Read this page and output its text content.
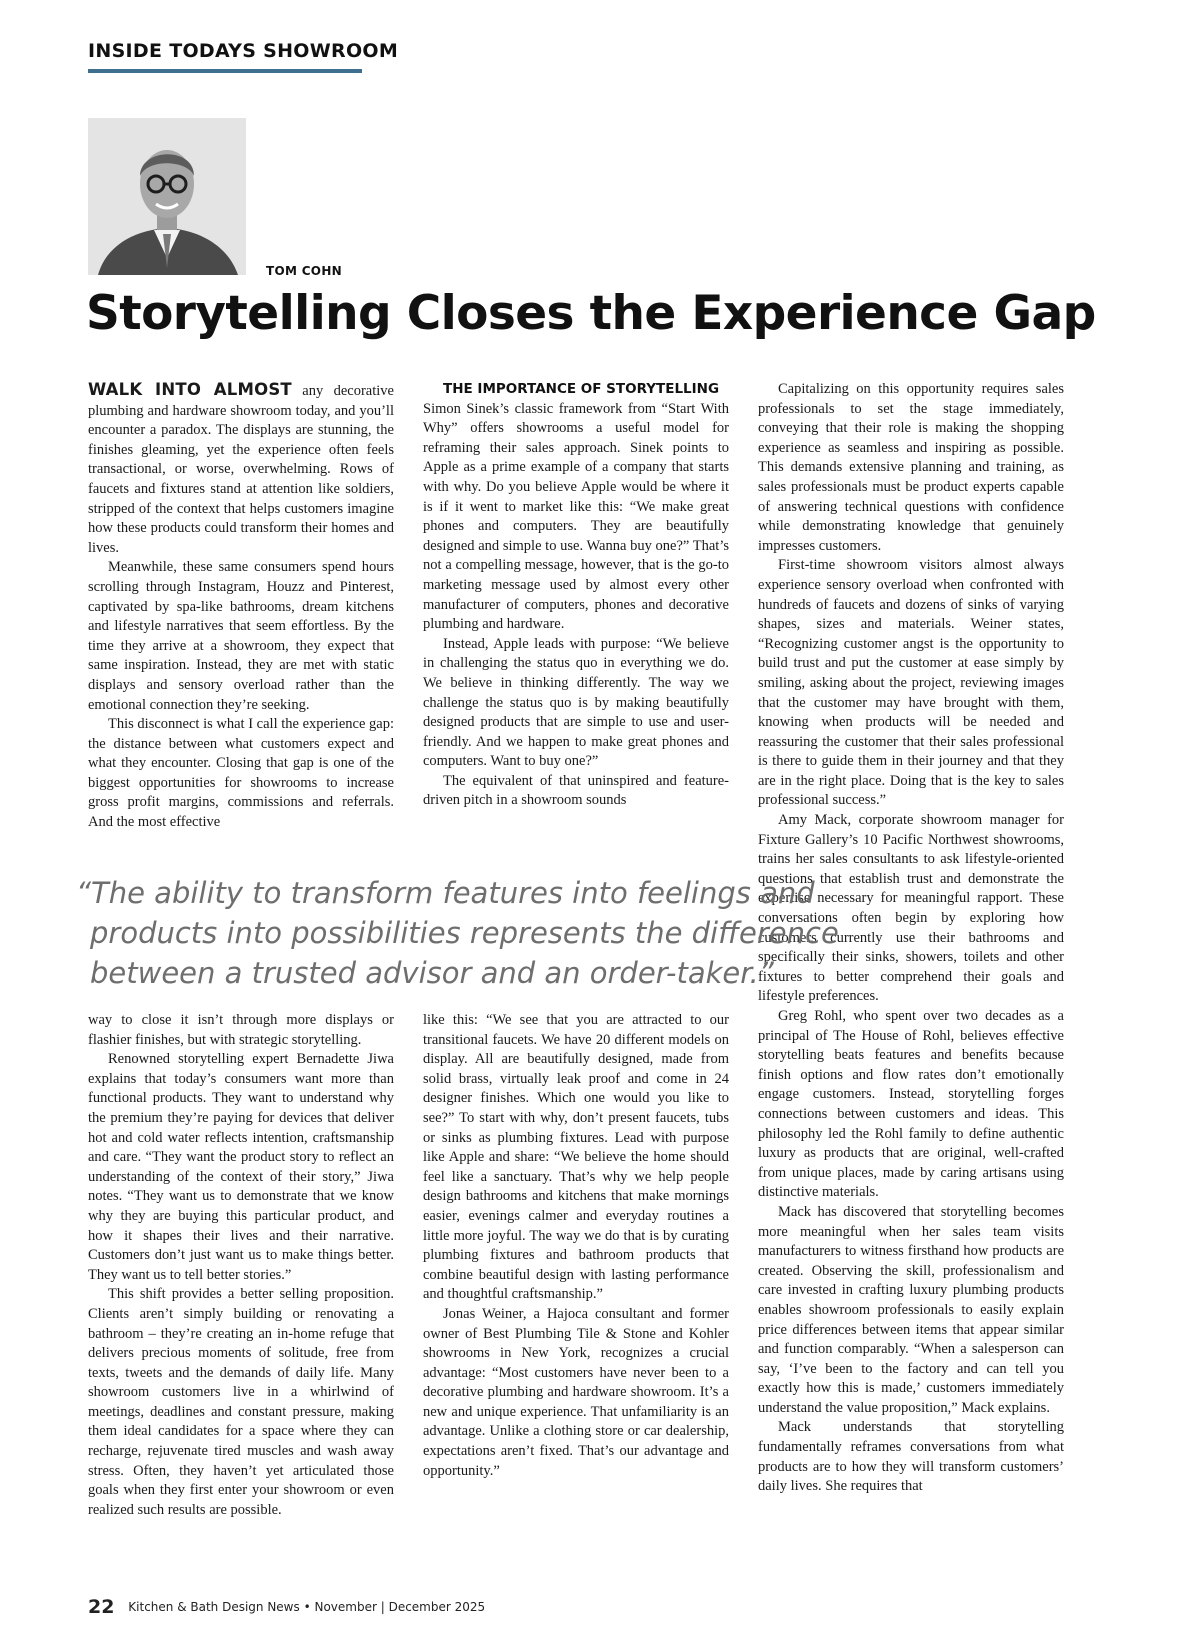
INSIDE TODAYS SHOWROOM
TOM COHN
Storytelling Closes the Experience Gap

WALK INTO ALMOST any decorative plumbing and hardware showroom today, and you’ll encounter a paradox. The displays are stunning, the finishes gleaming, yet the experience often feels transactional, or worse, overwhelming. Rows of faucets and fixtures stand at attention like soldiers, stripped of the context that helps customers imagine how these products could transform their homes and lives.

Meanwhile, these same consumers spend hours scrolling through Instagram, Houzz and Pinterest, captivated by spa-like bathrooms, dream kitchens and lifestyle narratives that seem effortless. By the time they arrive at a showroom, they expect that same inspiration. Instead, they are met with static displays and sensory overload rather than the emotional connection they’re seeking.

This disconnect is what I call the experience gap: the distance between what customers expect and what they encounter. Closing that gap is one of the biggest opportunities for showrooms to increase gross profit margins, commissions and referrals. And the most effective

THE IMPORTANCE OF STORYTELLING

Simon Sinek’s classic framework from “Start With Why” offers showrooms a useful model for reframing their sales approach. Sinek points to Apple as a prime example of a company that starts with why. Do you believe Apple would be where it is if it went to market like this: “We make great phones and computers. They are beautifully designed and simple to use. Wanna buy one?” That’s not a compelling message, however, that is the go-to marketing message used by almost every other manufacturer of computers, phones and decorative plumbing and hardware.

Instead, Apple leads with purpose: “We believe in challenging the status quo in everything we do. We believe in thinking differently. The way we challenge the status quo is by making beautifully designed products that are simple to use and user-friendly. And we happen to make great phones and computers. Want to buy one?”

The equivalent of that uninspired and feature-driven pitch in a showroom sounds

Capitalizing on this opportunity requires sales professionals to set the stage immediately, conveying that their role is making the shopping experience as seamless and inspiring as possible. This demands extensive planning and training, as sales professionals must be product experts capable of answering technical questions with confidence while demonstrating knowledge that genuinely impresses customers.

First-time showroom visitors almost always experience sensory overload when confronted with hundreds of faucets and dozens of sinks of varying shapes, sizes and materials. Weiner states, “Recognizing customer angst is the opportunity to build trust and put the customer at ease simply by smiling, asking about the project, reviewing images that the customer may have brought with them, knowing when products will be needed and reassuring the customer that their sales professional is there to guide them in their journey and that they are in the right place. Doing that is the key to sales professional success.”

Amy Mack, corporate showroom manager for Fixture Gallery’s 10 Pacific Northwest showrooms, trains her sales consultants to ask lifestyle-oriented questions that establish trust and demonstrate the expertise necessary for meaningful rapport. These conversations often begin by exploring how customers currently use their bathrooms and specifically their sinks, showers, toilets and other fixtures to better comprehend their goals and lifestyle preferences.

Greg Rohl, who spent over two decades as a principal of The House of Rohl, believes effective storytelling beats features and benefits because finish options and flow rates don’t emotionally engage customers. Instead, storytelling forges connections between customers and ideas. This philosophy led the Rohl family to define authentic luxury as products that are original, well-crafted from unique places, made by caring artisans using distinctive materials.

Mack has discovered that storytelling becomes more meaningful when her sales team visits manufacturers to witness firsthand how products are created. Observing the skill, professionalism and care invested in crafting luxury plumbing products enables showroom professionals to easily explain price differences between items that appear similar and function comparably. “When a salesperson can say, ‘I’ve been to the factory and can tell you exactly how this is made,’ customers immediately understand the value proposition,” Mack explains.

Mack understands that storytelling fundamentally reframes conversations from what products are to how they will transform customers’ daily lives. She requires that

“The ability to transform features into feelings and
products into possibilities represents the difference
between a trusted advisor and an order-taker.”

way to close it isn’t through more displays or flashier finishes, but with strategic storytelling.

Renowned storytelling expert Bernadette Jiwa explains that today’s consumers want more than functional products. They want to understand why the premium they’re paying for devices that deliver hot and cold water reflects intention, craftsmanship and care. “They want the product story to reflect an understanding of the context of their story,” Jiwa notes. “They want us to demonstrate that we know why they are buying this particular product, and how it shapes their lives and their narrative. Customers don’t just want us to make things better. They want us to tell better stories.”

This shift provides a better selling proposition. Clients aren’t simply building or renovating a bathroom – they’re creating an in-home refuge that delivers precious moments of solitude, free from texts, tweets and the demands of daily life. Many showroom customers live in a whirlwind of meetings, deadlines and constant pressure, making them ideal candidates for a space where they can recharge, rejuvenate tired muscles and wash away stress. Often, they haven’t yet articulated those goals when they first enter your showroom or even realized such results are possible.

like this: “We see that you are attracted to our transitional faucets. We have 20 different models on display. All are beautifully designed, made from solid brass, virtually leak proof and come in 24 designer finishes. Which one would you like to see?” To start with why, don’t present faucets, tubs or sinks as plumbing fixtures. Lead with purpose like Apple and share: “We believe the home should feel like a sanctuary. That’s why we help people design bathrooms and kitchens that make mornings easier, evenings calmer and everyday routines a little more joyful. The way we do that is by curating plumbing fixtures and bathroom products that combine beautiful design with lasting performance and thoughtful craftsmanship.”

Jonas Weiner, a Hajoca consultant and former owner of Best Plumbing Tile & Stone and Kohler showrooms in New York, recognizes a crucial advantage: “Most customers have never been to a decorative plumbing and hardware showroom. It’s a new and unique experience. That unfamiliarity is an advantage. Unlike a clothing store or car dealership, expectations aren’t fixed. That’s our advantage and opportunity.”

22 Kitchen & Bath Design News • November | December 2025
